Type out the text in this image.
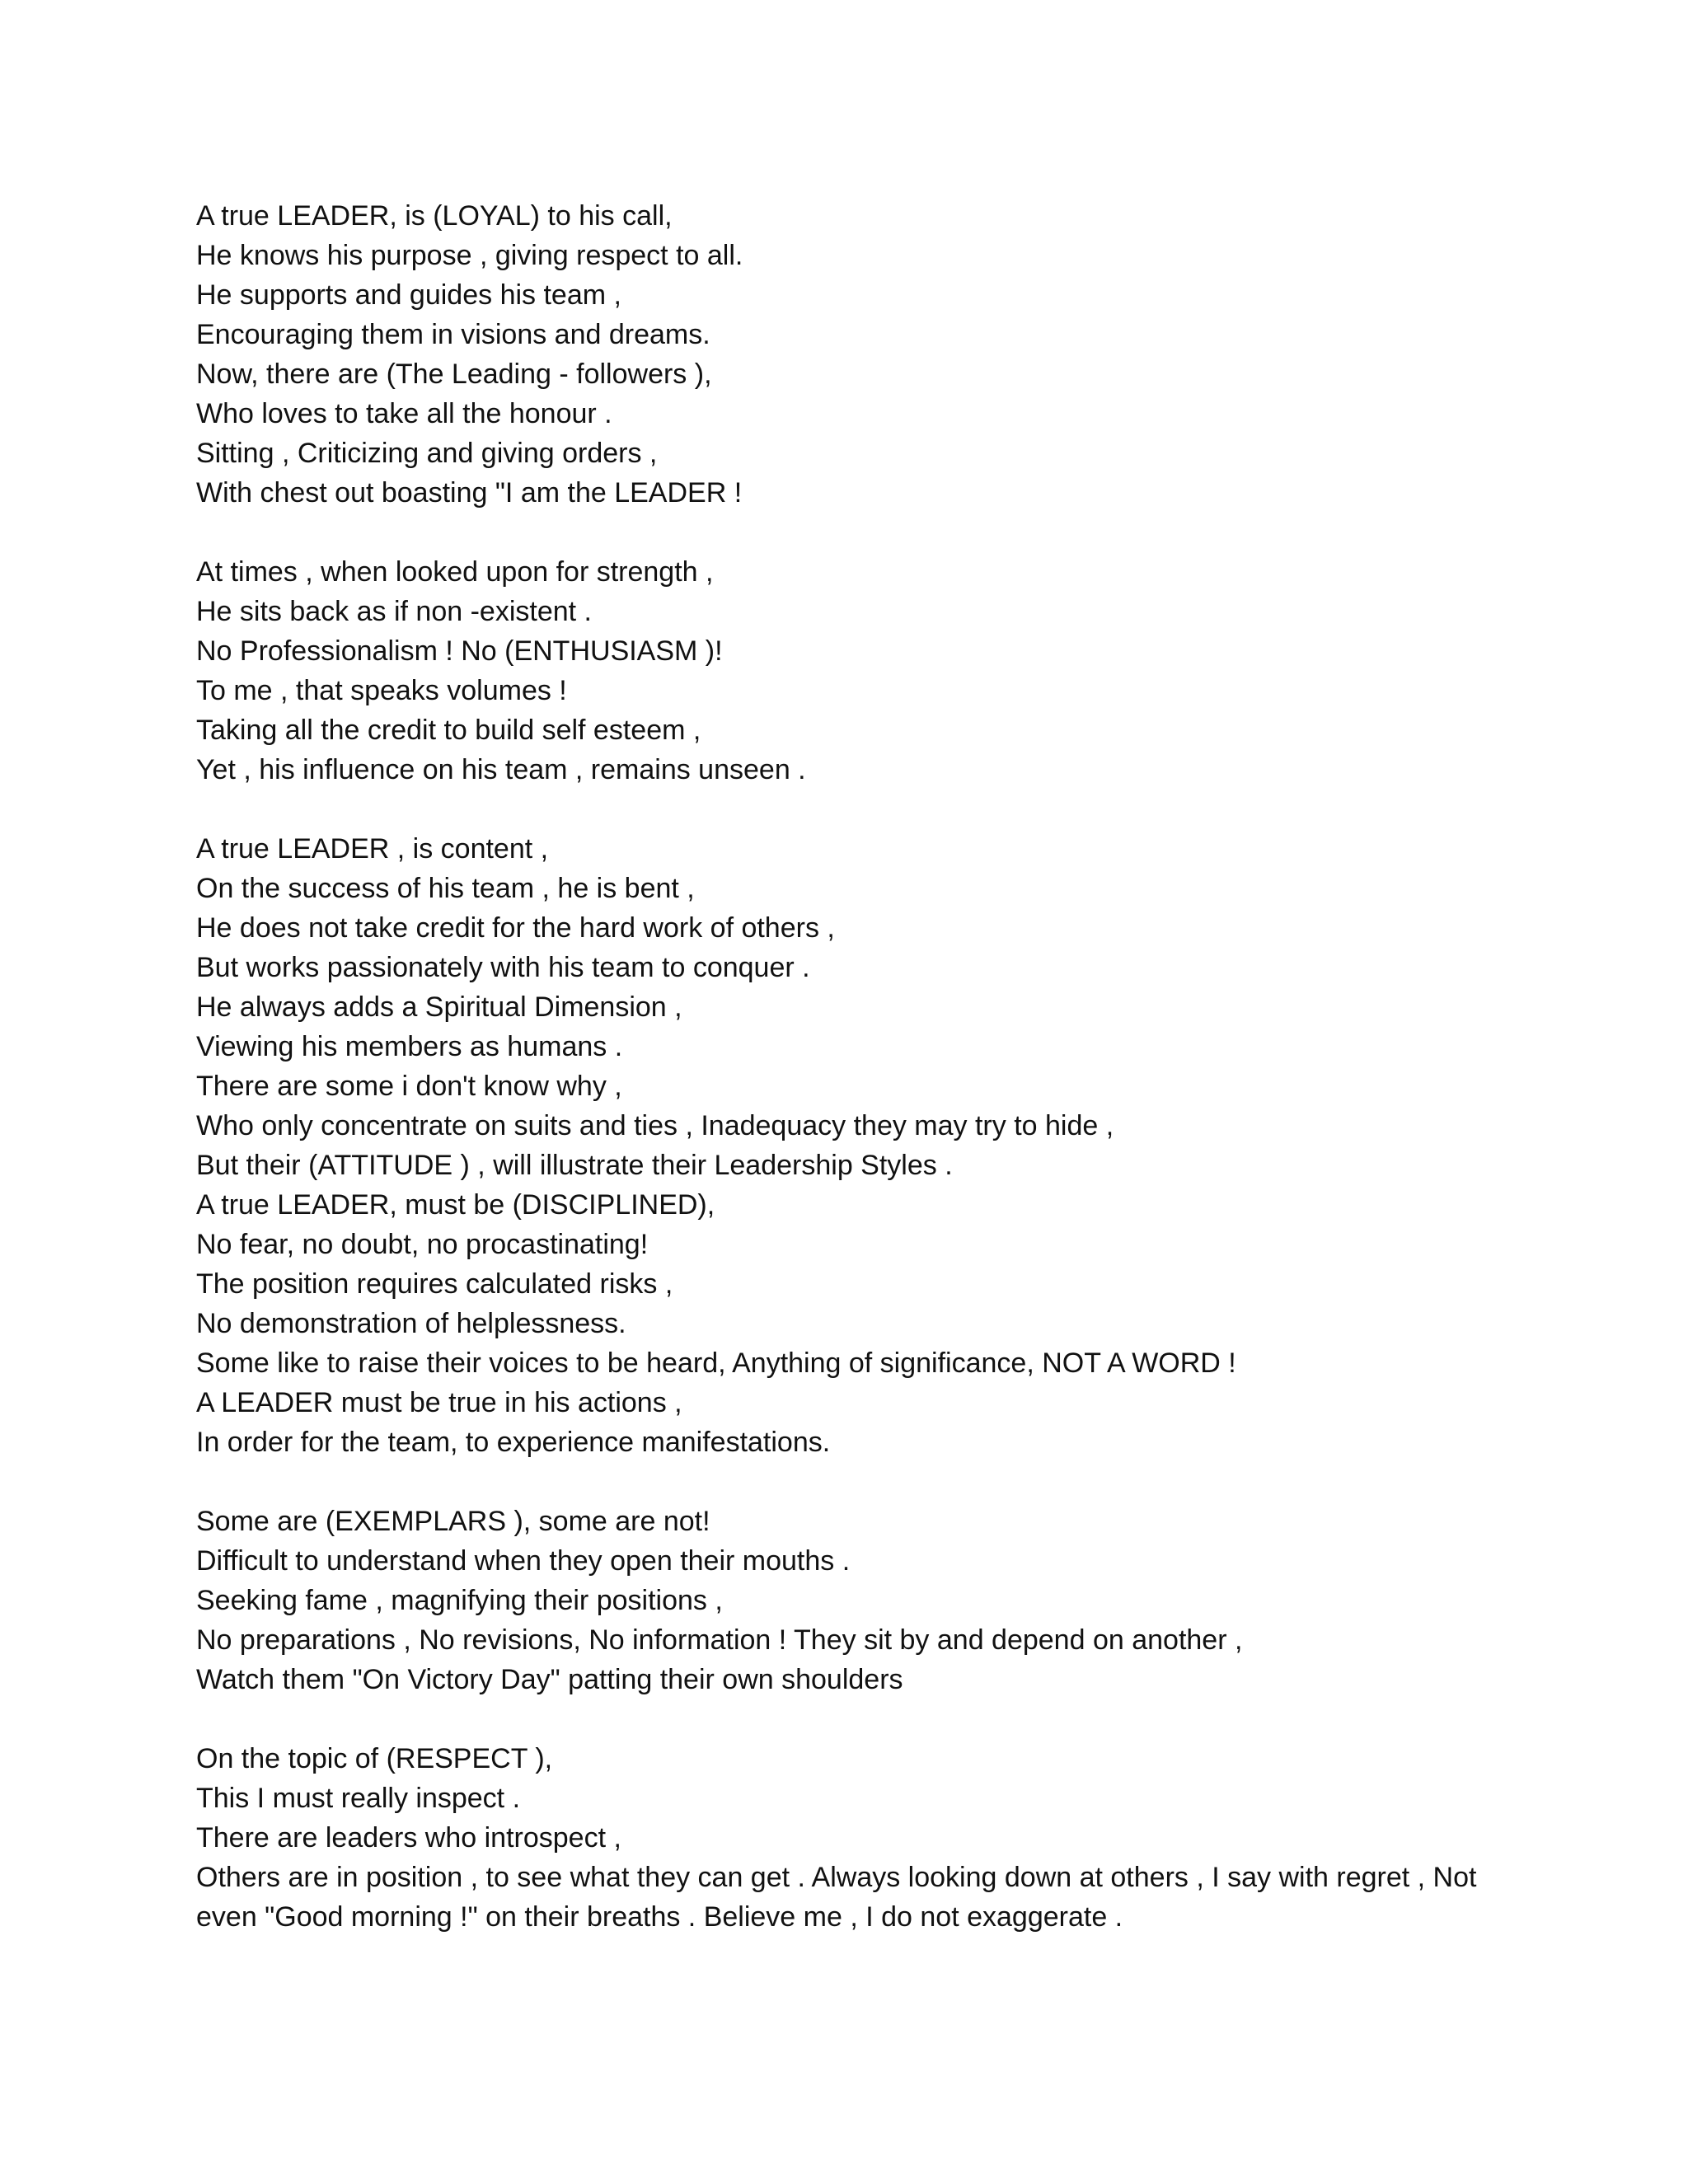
A true LEADER, is (LOYAL) to his call,
He knows his purpose , giving respect to all.
He supports and guides his team ,
Encouraging them in visions and dreams.
Now, there are (The Leading - followers ),
Who loves to take all the honour .
Sitting , Criticizing and giving orders ,
With chest out boasting "I am the LEADER !
At times , when looked upon for strength ,
He sits back as if non -existent .
No Professionalism ! No (ENTHUSIASM )!
To me , that speaks volumes !
Taking all the credit to build self esteem ,
Yet , his influence on his team , remains unseen .
A true LEADER , is content ,
On the success of his team , he is bent ,
He does not take credit for the hard work of others ,
But works passionately with his team to conquer .
He always adds a Spiritual Dimension ,
Viewing his members as humans .
There are some i don't know why ,
Who only concentrate on suits and ties , Inadequacy they may try to hide ,
But their (ATTITUDE ) , will illustrate their Leadership Styles .
A true LEADER, must be (DISCIPLINED),
No fear, no doubt, no procastinating!
The position requires calculated risks ,
No demonstration of helplessness.
Some like to raise their voices to be heard, Anything of significance, NOT A WORD !
A LEADER must be true in his actions ,
In order for the team, to experience manifestations.
Some are (EXEMPLARS ), some are not!
Difficult to understand when they open their mouths .
Seeking fame , magnifying their positions ,
No preparations , No revisions, No information ! They sit by and depend on another ,
Watch them "On Victory Day" patting their own shoulders
On the topic of (RESPECT ),
This I must really inspect .
There are leaders who introspect ,
Others are in position , to see what they can get . Always looking down at others , I say with regret , Not
even "Good morning !" on their breaths . Believe me , I do not exaggerate .
